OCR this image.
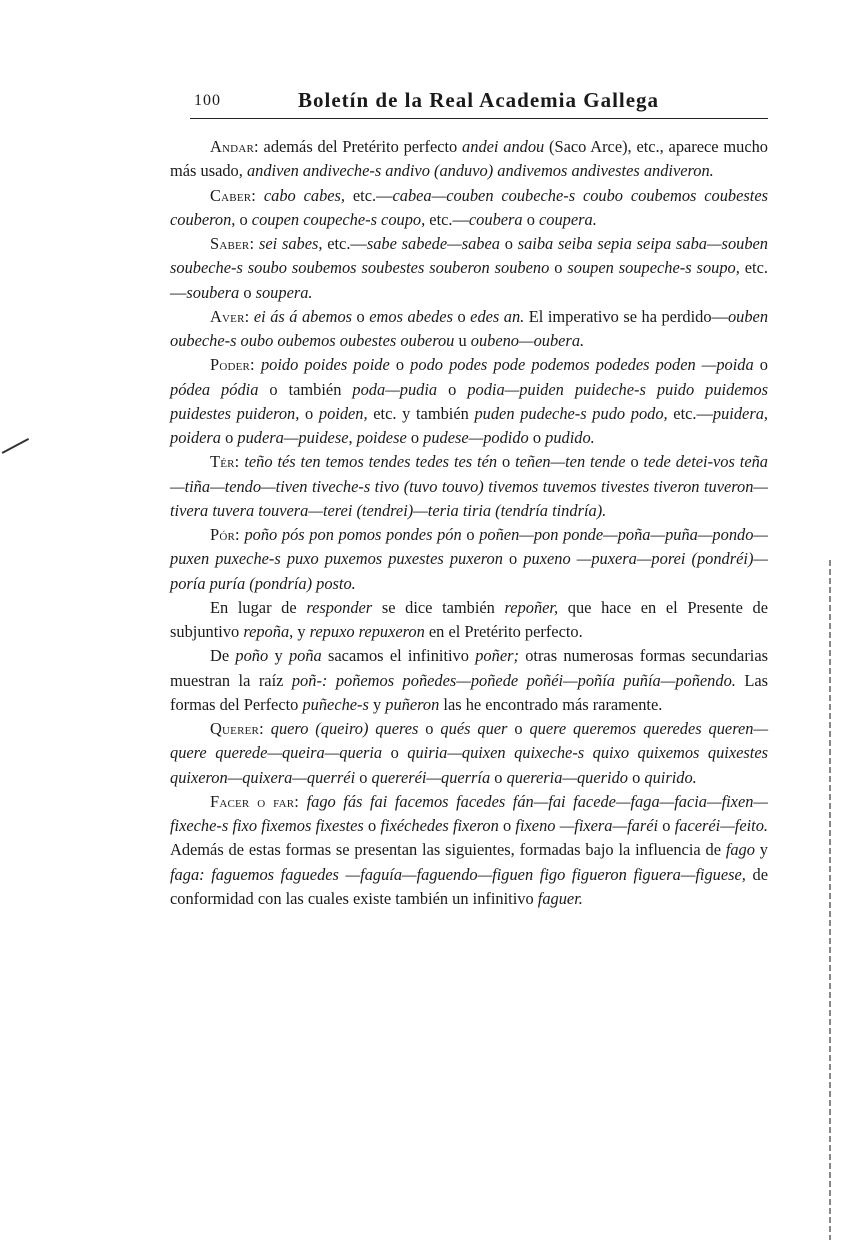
100	Boletín de la Real Academia Gallega

Andar: además del Pretérito perfecto andei andou (Saco Arce), etc., aparece mucho más usado, andiven andiveche-s andivo (anduvo) andivemos andivestes andiveron.

Caber: cabo cabes, etc.—cabea—couben coubeche-s coubo coubemos coubestes couberon, o coupen coupeche-s coupo, etc.—coubera o coupera.

Saber: sei sabes, etc.—sabe sabede—sabea o saiba seiba sepia seipa saba—souben soubeche-s soubo soubemos soubestes souberon soubeno o soupen soupeche-s soupo, etc.—soubera o soupera.

Aver: ei ás á abemos o emos abedes o edes an. El imperativo se ha perdido—ouben oubeche-s oubo oubemos oubestes ouberou u oubeno—oubera.

Poder: poido poides poide o podo podes pode podemos podedes poden —poida o pódea pódia o también poda—pudia o podia—puiden puideche-s puido puidemos puidestes puideron, o poiden, etc. y también puden pudeche-s pudo podo, etc.—puidera, poidera o pudera—puidese, poidese o pudese—podido o pudido.

Tér: teño tés ten temos tendes tedes tes tén o teñen—ten tende o tede detei-vos teña—tiña—tendo—tiven tiveche-s tivo (tuvo touvo) tivemos tuvemos tivestes tiveron tuveron—tivera tuvera touvera—terei (tendrei)—teria tiria (tendría tindría).

Pór: poño pós pon pomos pondes pón o poñen—pon ponde—poña—puña—pondo—puxen puxeche-s puxo puxemos puxestes puxeron o puxeno —puxera—porei (pondréi)—poría puría (pondría) posto.

En lugar de responder se dice también repoñer, que hace en el Presente de subjuntivo repoña, y repuxo repuxeron en el Pretérito perfecto.

De poño y poña sacamos el infinitivo poñer; otras numerosas formas secundarias muestran la raíz poñ-: poñemos poñedes—poñede poñéi—poñía puñía—poñendo. Las formas del Perfecto puñeche-s y puñeron las he encontrado más raramente.

Querer: quero (queiro) queres o qués quer o quere queremos queredes queren—quere querede—queira—queria o quiria—quixen quixeche-s quixo quixemos quixestes quixeron—quixera—querréi o quereréi—querría o quereria—querido o quirido.

Facer o far: fago fás fai facemos facedes fán—fai facede—faga—facia—fixen—fixeche-s fixo fixemos fixestes o fixéchedes fixeron o fixeno —fixera—faréi o faceréi—feito. Además de estas formas se presentan las siguientes, formadas bajo la influencia de fago y faga: faguemos faguedes —faguía—faguendo—figuen figo figueron figuera—figuese, de conformidad con las cuales existe también un infinitivo faguer.
